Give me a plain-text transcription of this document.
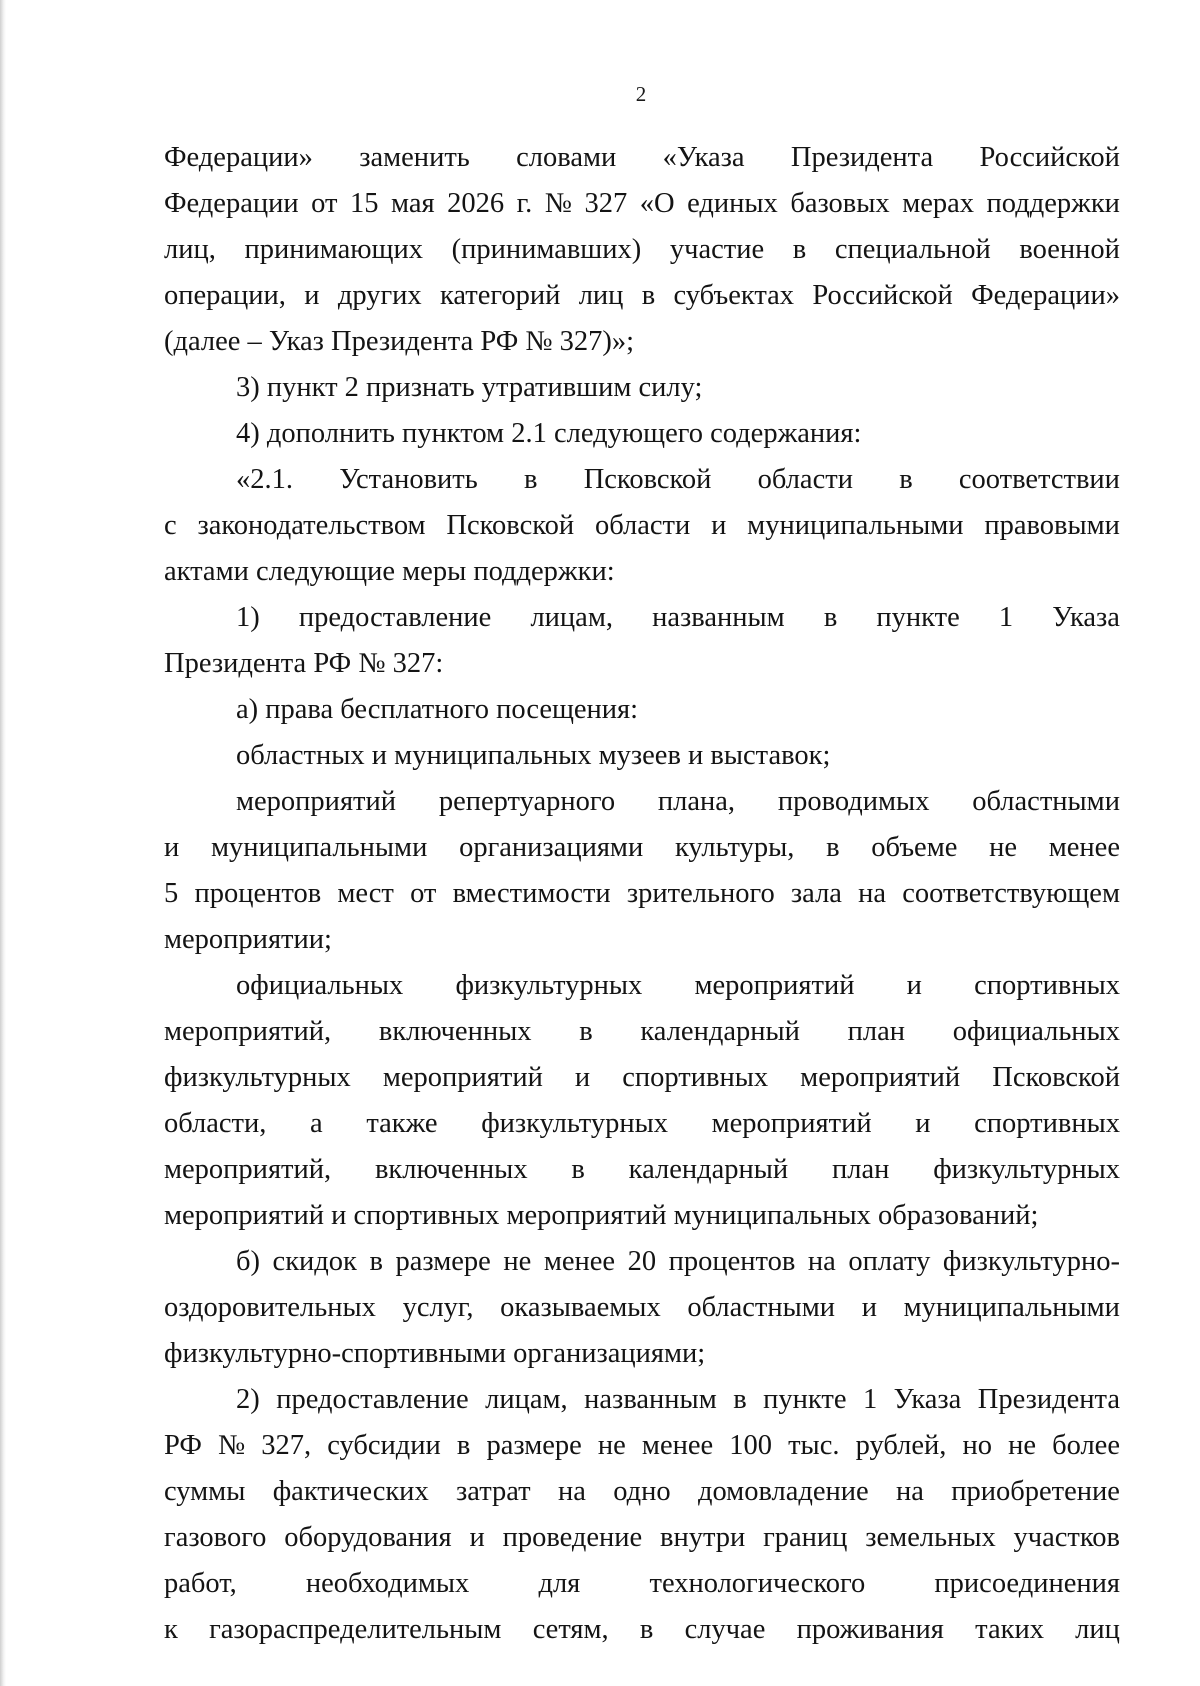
2
Федерации» заменить словами «Указа Президента Российской
Федерации от 15 мая 2026 г. № 327 «О единых базовых мерах поддержки
лиц, принимающих (принимавших) участие в специальной военной
операции, и других категорий лиц в субъектах Российской Федерации»
(далее – Указ Президента РФ № 327)»;
3) пункт 2 признать утратившим силу;
4) дополнить пунктом 2.1 следующего содержания:
«2.1. Установить в Псковской области в соответствии
с законодательством Псковской области и муниципальными правовыми
актами следующие меры поддержки:
1) предоставление лицам, названным в пункте 1 Указа
Президента РФ № 327:
а) права бесплатного посещения:
областных и муниципальных музеев и выставок;
мероприятий репертуарного плана, проводимых областными
и муниципальными организациями культуры, в объеме не менее
5 процентов мест от вместимости зрительного зала на соответствующем
мероприятии;
официальных физкультурных мероприятий и спортивных
мероприятий, включенных в календарный план официальных
физкультурных мероприятий и спортивных мероприятий Псковской
области, а также физкультурных мероприятий и спортивных
мероприятий, включенных в календарный план физкультурных
мероприятий и спортивных мероприятий муниципальных образований;
б) скидок в размере не менее 20 процентов на оплату физкультурно-
оздоровительных услуг, оказываемых областными и муниципальными
физкультурно-спортивными организациями;
2) предоставление лицам, названным в пункте 1 Указа Президента
РФ № 327, субсидии в размере не менее 100 тыс. рублей, но не более
суммы фактических затрат на одно домовладение на приобретение
газового оборудования и проведение внутри границ земельных участков
работ, необходимых для технологического присоединения
к газораспределительным сетям, в случае проживания таких лиц
